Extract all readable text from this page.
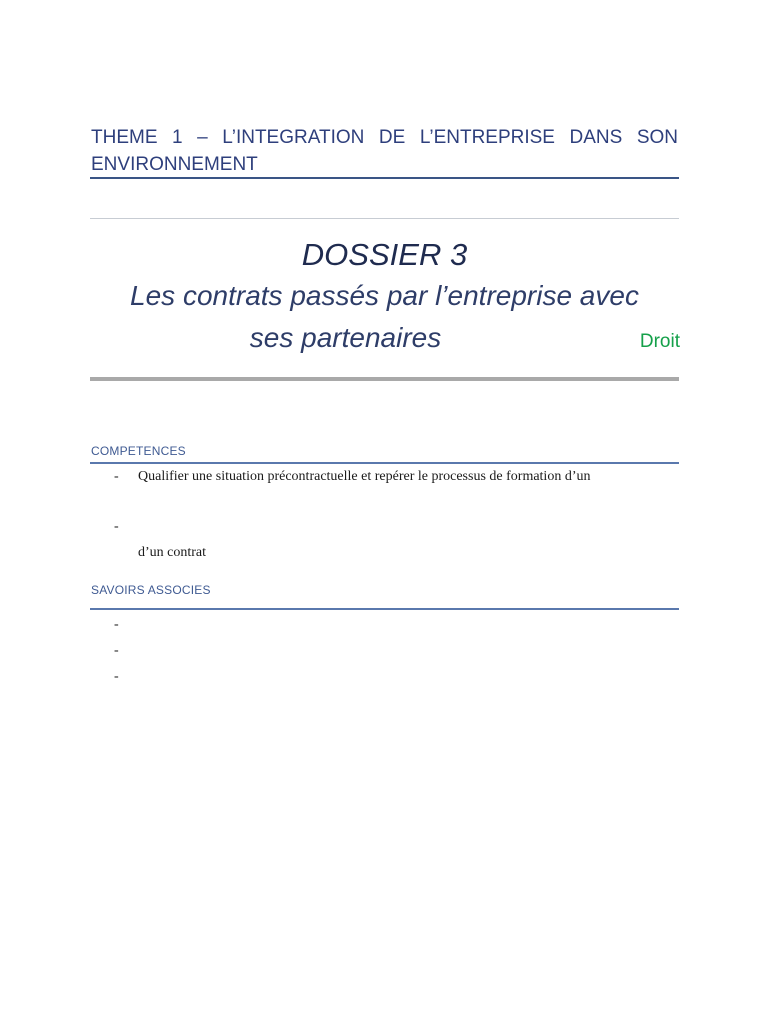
THEME 1 – L’INTEGRATION DE L’ENTREPRISE DANS SON ENVIRONNEMENT
DOSSIER 3
Les contrats passés par l’entreprise avec
ses partenaires	Droit
COMPETENCES
- Qualifier une situation précontractuelle et repérer le processus de formation d’un
-
d’un contrat
SAVOIRS ASSOCIES
-
-
-
